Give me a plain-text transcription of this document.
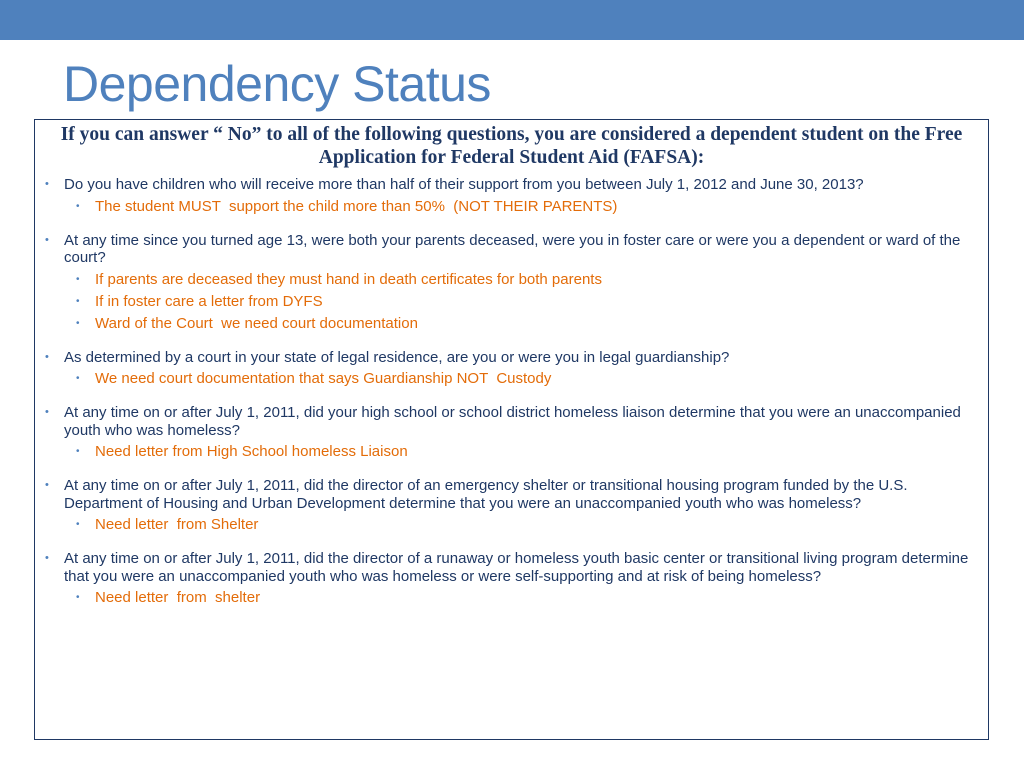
Dependency Status
If you can answer “ No” to all of the following questions, you are considered a dependent student on the Free Application for Federal Student Aid (FAFSA):
• Do you have children who will receive more than half of their support from you between July 1, 2012 and June 30, 2013?
• The student MUST  support the child more than 50%  (NOT THEIR PARENTS)
• At any time since you turned age 13, were both your parents deceased, were you in foster care or were you a dependent or ward of the court?
• If parents are deceased they must hand in death certificates for both parents
• If in foster care a letter from DYFS
• Ward of the Court  we need court documentation
• As determined by a court in your state of legal residence, are you or were you in legal guardianship?
• We need court documentation that says Guardianship NOT  Custody
• At any time on or after July 1, 2011, did your high school or school district homeless liaison determine that you were an unaccompanied youth who was homeless?
• Need letter from High School homeless Liaison
• At any time on or after July 1, 2011, did the director of an emergency shelter or transitional housing program funded by the U.S. Department of Housing and Urban Development determine that you were an unaccompanied youth who was homeless?
• Need letter  from Shelter
• At any time on or after July 1, 2011, did the director of a runaway or homeless youth basic center or transitional living program determine that you were an unaccompanied youth who was homeless or were self-supporting and at risk of being homeless?
• Need letter  from  shelter
